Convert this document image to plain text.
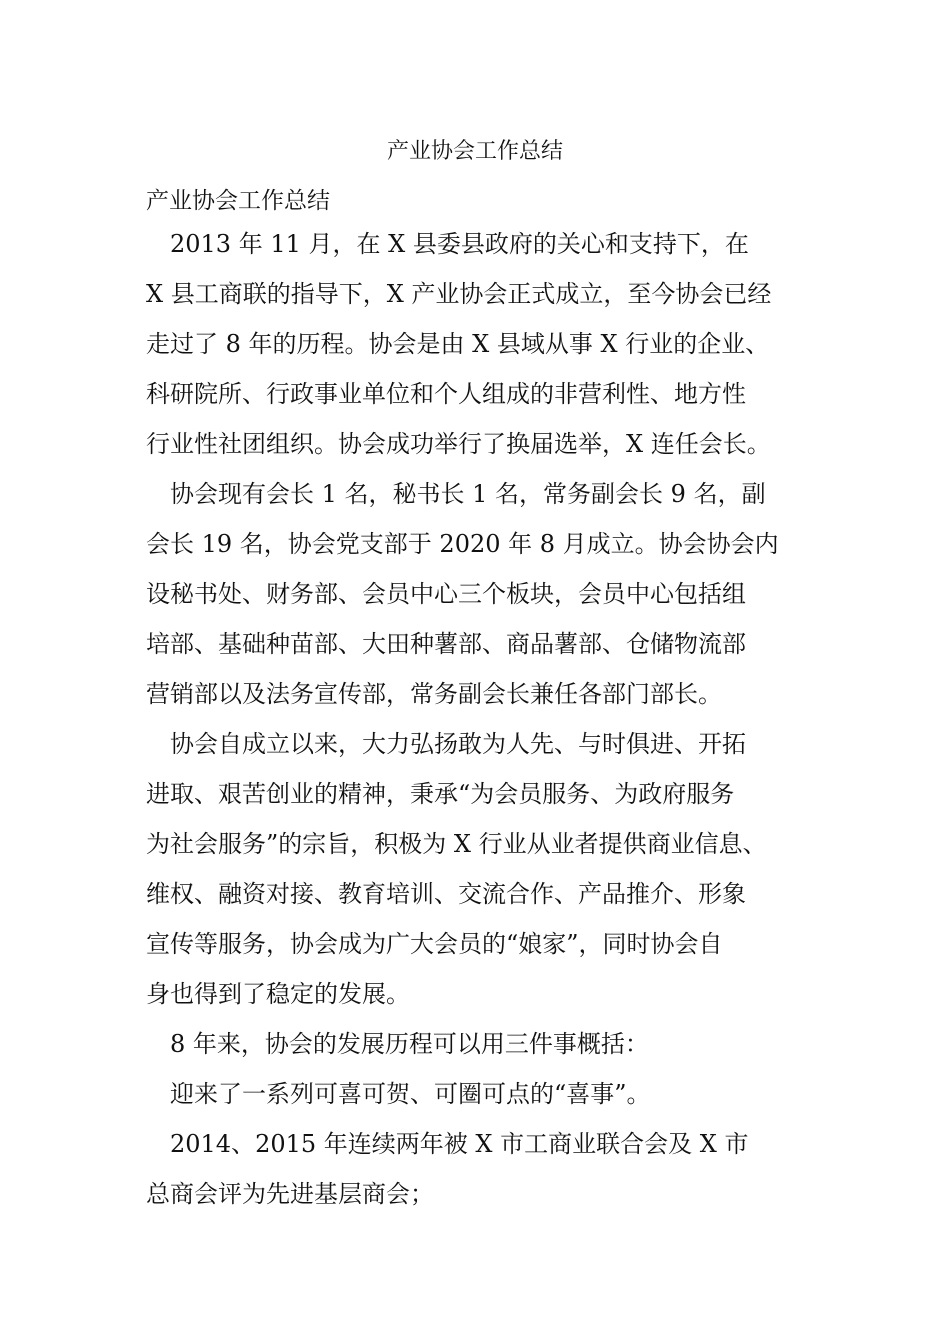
产业协会工作总结
产业协会工作总结
　2013 年 11 月，在 X 县委县政府的关心和支持下，在
X 县工商联的指导下，X 产业协会正式成立，至今协会已经
走过了 8 年的历程。协会是由 X 县域从事 X 行业的企业、
科研院所、行政事业单位和个人组成的非营利性、地方性
行业性社团组织。协会成功举行了换届选举，X 连任会长。
　协会现有会长 1 名，秘书长 1 名，常务副会长 9 名，副
会长 19 名，协会党支部于 2020 年 8 月成立。协会协会内
设秘书处、财务部、会员中心三个板块，会员中心包括组
培部、基础种苗部、大田种薯部、商品薯部、仓储物流部
营销部以及法务宣传部，常务副会长兼任各部门部长。
　协会自成立以来，大力弘扬敢为人先、与时俱进、开拓
进取、艰苦创业的精神，秉承“为会员服务、为政府服务
为社会服务”的宗旨，积极为 X 行业从业者提供商业信息、
维权、融资对接、教育培训、交流合作、产品推介、形象
宣传等服务，协会成为广大会员的“娘家”，同时协会自
身也得到了稳定的发展。
　8 年来，协会的发展历程可以用三件事概括：
　迎来了一系列可喜可贺、可圈可点的“喜事”。
　2014、2015 年连续两年被 X 市工商业联合会及 X 市
总商会评为先进基层商会；
